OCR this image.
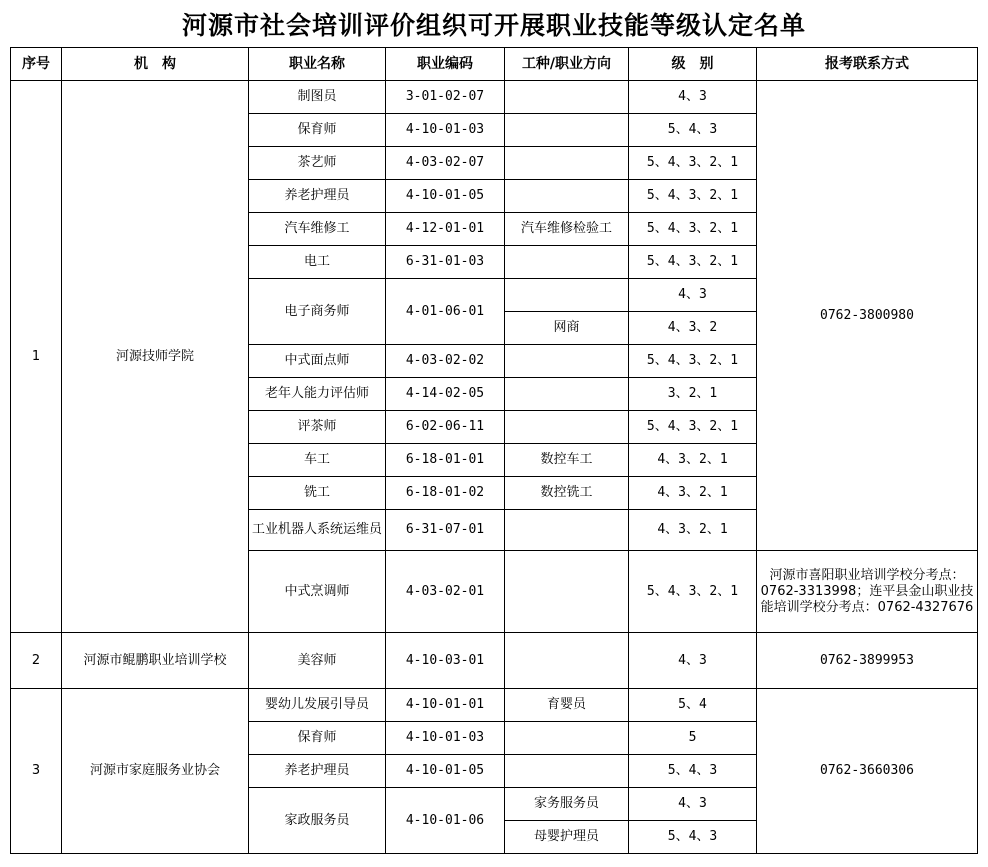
河源市社会培训评价组织可开展职业技能等级认定名单
序号	机　构	职业名称	职业编码	工种/职业方向	级　别	报考联系方式
1	河源技师学院	制图员	3-01-02-07		4、3	0762-3800980
		保育师	4-10-01-03		5、4、3	
		茶艺师	4-03-02-07		5、4、3、2、1	
		养老护理员	4-10-01-05		5、4、3、2、1	
		汽车维修工	4-12-01-01	汽车维修检验工	5、4、3、2、1	
		电工	6-31-01-03		5、4、3、2、1	
		电子商务师	4-01-06-01		4、3	
				网商	4、3、2	
		中式面点师	4-03-02-02		5、4、3、2、1	
		老年人能力评估师	4-14-02-05		3、2、1	
		评茶师	6-02-06-11		5、4、3、2、1	
		车工	6-18-01-01	数控车工	4、3、2、1	
		铣工	6-18-01-02	数控铣工	4、3、2、1	
		工业机器人系统运维员	6-31-07-01		4、3、2、1	
		中式烹调师	4-03-02-01		5、4、3、2、1	河源市喜阳职业培训学校分考点：0762-3313998；连平县金山职业技能培训学校分考点：0762-4327676
2	河源市鲲鹏职业培训学校	美容师	4-10-03-01		4、3	0762-3899953
3	河源市家庭服务业协会	婴幼儿发展引导员	4-10-01-01	育婴员	5、4	0762-3660306
		保育师	4-10-01-03		5	
		养老护理员	4-10-01-05		5、4、3	
		家政服务员	4-10-01-06	家务服务员	4、3	
				母婴护理员	5、4、3	
